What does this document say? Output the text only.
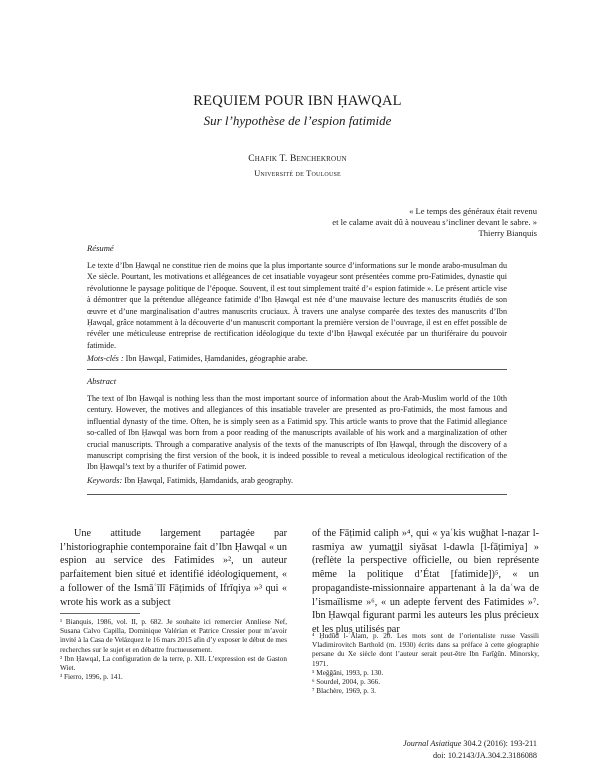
REQUIEM POUR IBN ḤAWQAL
Sur l’hypothèse de l’espion fatimide
Chafik T. Benchekroun
Université de Toulouse
« Le temps des généraux était revenu
et le calame avait dû à nouveau s’incliner devant le sabre. »
Thierry Bianquis
Résumé
Le texte d’Ibn Ḥawqal ne constitue rien de moins que la plus importante source d’informations sur le monde arabo-musulman du Xe siècle. Pourtant, les motivations et allégeances de cet insatiable voyageur sont présentées comme pro-Fatimides, dynastie qui révolutionne le paysage politique de l’époque. Souvent, il est tout simplement traité d’« espion fatimide ». Le présent article vise à démontrer que la prétendue allégeance fatimide d’Ibn Ḥawqal est née d’une mauvaise lecture des manuscrits étudiés de son œuvre et d’une marginalisation d’autres manuscrits cruciaux. À travers une analyse comparée des textes des manuscrits d’Ibn Ḥawqal, grâce notamment à la découverte d’un manuscrit comportant la première version de l’ouvrage, il est en effet possible de révéler une méticuleuse entreprise de rectification idéologique du texte d’Ibn Ḥawqal exécutée par un thuriféraire du pouvoir fatimide.
Mots-clés : Ibn Ḥawqal, Fatimides, Ḥamdanides, géographie arabe.
Abstract
The text of Ibn Ḥawqal is nothing less than the most important source of information about the Arab-Muslim world of the 10th century. However, the motives and allegiances of this insatiable traveler are presented as pro-Fatimids, the most famous and influential dynasty of the time. Often, he is simply seen as a Fatimid spy. This article wants to prove that the Fatimid allegiance so-called of Ibn Ḥawqal was born from a poor reading of the manuscripts available of his work and a marginalization of other crucial manuscripts. Through a comparative analysis of the texts of the manuscripts of Ibn Ḥawqal, through the discovery of a manuscript comprising the first version of the book, it is indeed possible to reveal a meticulous ideological rectification of the Ibn Ḥawqal’s text by a thurifer of Fatimid power.
Keywords: Ibn Ḥawqal, Fatimids, Ḥamdanids, arab geography.
Une attitude largement partagée par l’historiographie contemporaine fait d’Ibn Ḥawqal « un espion au service des Fatimides »², un auteur parfaitement bien situé et identifié idéologiquement, « a follower of the Ismāʿīlī Fāṭimids of Ifrīqiya »³ qui « wrote his work as a subject
of the Fāṭimid caliph »⁴, qui « yaʿkis wuǧhat l-naẓar l-rasmiya aw yumaṯṯil siyāsat l-dawla [l-fāṭimiya] » (reflète la perspective officielle, ou bien représente même la politique d’État [fatimide])⁵, « un propagandiste-missionnaire appartenant à la daʿwa de l’ismaïlisme »⁶, « un adepte fervent des Fatimides »⁷. Ibn Ḥawqal figurant parmi les auteurs les plus précieux et les plus utilisés par

¹ Bianquis, 1986, vol. II, p. 682. Je souhaite ici remercier Annliese Nef, Susana Calvo Capilla, Dominique Valérian et Patrice Cressier pour m’avoir invité à la Casa de Velázquez le 16 mars 2015 afin d’y exposer le début de mes recherches sur le sujet et en débattre fructueusement.

² Ibn Ḥawqal, La configuration de la terre, p. XII. L’expression est de Gaston Wiet.

³ Fierro, 1996, p. 141.

⁴ Ḥudūd l-ʿĀlam, p. 20. Les mots sont de l’orientaliste russe Vassili Vladimirovitch Barthold (m. 1930) écrits dans sa préface à cette géographie persane du Xe siècle dont l’auteur serait peut-être Ibn Farīġūn. Minorsky, 1971.

⁵ Meǧǧāni, 1993, p. 130.

⁶ Sourdel, 2004, p. 366.

⁷ Blachère, 1969, p. 3.

Journal Asiatique 304.2 (2016): 193-211
doi: 10.2143/JA.304.2.3186088
